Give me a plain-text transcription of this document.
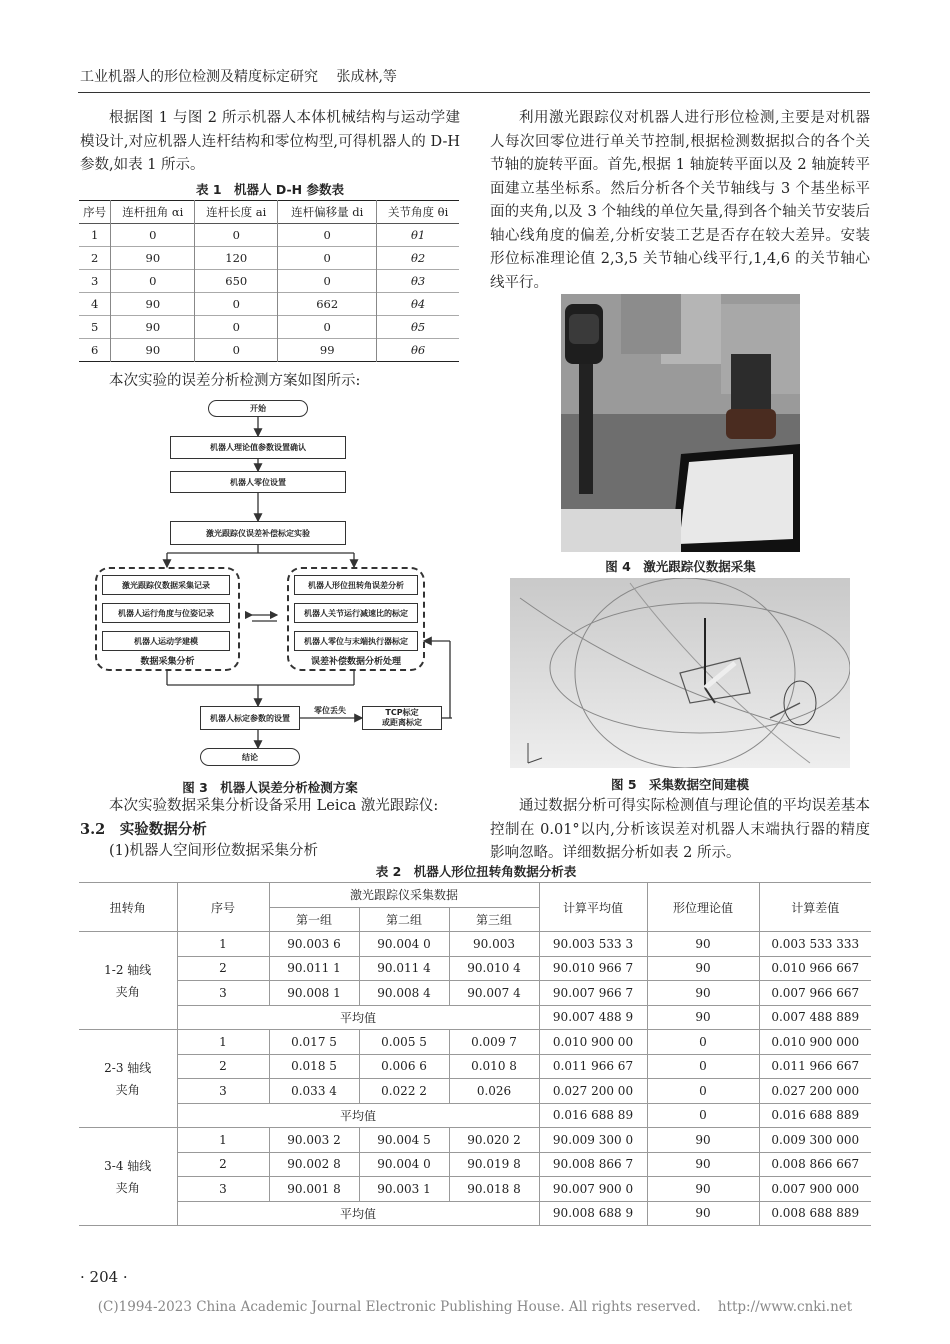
工业机器人的形位检测及精度标定研究 张成林,等
根据图 1 与图 2 所示机器人本体机械结构与运动学建模设计,对应机器人连杆结构和零位构型,可得机器人的 D-H 参数,如表 1 所示。
表 1　机器人 D-H 参数表
序号	连杆扭角 αi	连杆长度 ai	连杆偏移量 di	关节角度 θi
1	0	0	0	θ1
2	90	120	0	θ2
3	0	650	0	θ3
4	90	0	662	θ4
5	90	0	0	θ5
6	90	0	99	θ6
本次实验的误差分析检测方案如图所示:
开始
机器人理论值参数设置确认
机器人零位设置
激光跟踪仪误差补偿标定实验
激光跟踪仪数据采集记录
机器人运行角度与位姿记录
机器人运动学建模
数据采集分析
机器人形位扭转角误差分析
机器人关节运行减速比的标定
机器人零位与末端执行器标定
误差补偿数据分析处理
机器人标定参数的设置
零位丢失	TCP标定
或距离标定
结论
图 3　机器人误差分析检测方案
本次实验数据采集分析设备采用 Leica 激光跟踪仪:
3.2　实验数据分析
(1)机器人空间形位数据采集分析
利用激光跟踪仪对机器人进行形位检测,主要是对机器人每次回零位进行单关节控制,根据检测数据拟合的各个关节轴的旋转平面。首先,根据 1 轴旋转平面以及 2 轴旋转平面建立基坐标系。然后分析各个关节轴线与 3 个基坐标平面的夹角,以及 3 个轴线的单位矢量,得到各个轴关节安装后轴心线角度的偏差,分析安装工艺是否存在较大差异。安装形位标准理论值 2,3,5 关节轴心线平行,1,4,6 的关节轴心线平行。
图 4　激光跟踪仪数据采集
图 5　采集数据空间建模
通过数据分析可得实际检测值与理论值的平均误差基本控制在 0.01°以内,分析该误差对机器人末端执行器的精度影响忽略。详细数据分析如表 2 所示。
表 2　机器人形位扭转角数据分析表
扭转角	序号	激光跟踪仪采集数据			计算平均值	形位理论值	计算差值
		第一组	第二组	第三组			
1-2 轴线
夹角	1	90.003 6	90.004 0	90.003	90.003 533 3	90	0.003 533 333
	2	90.011 1	90.011 4	90.010 4	90.010 966 7	90	0.010 966 667
	3	90.008 1	90.008 4	90.007 4	90.007 966 7	90	0.007 966 667
	平均值				90.007 488 9	90	0.007 488 889
2-3 轴线
夹角	1	0.017 5	0.005 5	0.009 7	0.010 900 00	0	0.010 900 000
	2	0.018 5	0.006 6	0.010 8	0.011 966 67	0	0.011 966 667
	3	0.033 4	0.022 2	0.026	0.027 200 00	0	0.027 200 000
	平均值				0.016 688 89	0	0.016 688 889
3-4 轴线
夹角	1	90.003 2	90.004 5	90.020 2	90.009 300 0	90	0.009 300 000
	2	90.002 8	90.004 0	90.019 8	90.008 866 7	90	0.008 866 667
	3	90.001 8	90.003 1	90.018 8	90.007 900 0	90	0.007 900 000
	平均值				90.008 688 9	90	0.008 688 889
· 204 ·
(C)1994-2023 China Academic Journal Electronic Publishing House. All rights reserved.    http://www.cnki.net
